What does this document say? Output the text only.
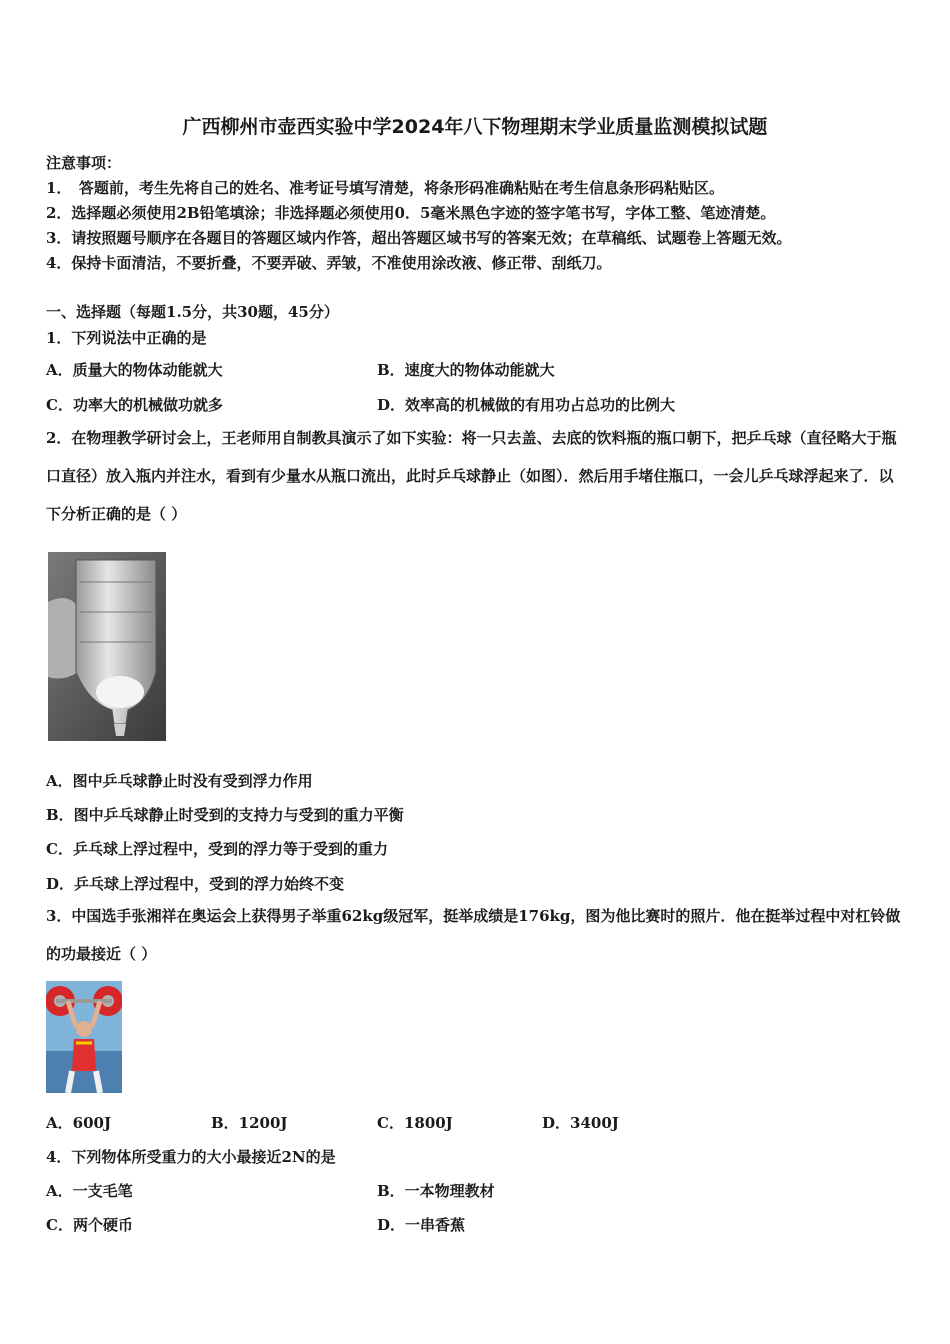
广西柳州市壶西实验中学2024年八下物理期末学业质量监测模拟试题
注意事项：
1．　答题前，考生先将自己的姓名、准考证号填写清楚，将条形码准确粘贴在考生信息条形码粘贴区。
2．选择题必须使用2B铅笔填涂；非选择题必须使用0．5毫米黑色字迹的签字笔书写，字体工整、笔迹清楚。
3．请按照题号顺序在各题目的答题区域内作答，超出答题区域书写的答案无效；在草稿纸、试题卷上答题无效。
4．保持卡面清洁，不要折叠，不要弄破、弄皱，不准使用涂改液、修正带、刮纸刀。
一、选择题（每题1.5分，共30题，45分）
1．下列说法中正确的是
A．质量大的物体动能就大	B．速度大的物体动能就大
C．功率大的机械做功就多	D．效率高的机械做的有用功占总功的比例大
2．在物理教学研讨会上，王老师用自制教具演示了如下实验：将一只去盖、去底的饮料瓶的瓶口朝下，把乒乓球（直径略大于瓶口直径）放入瓶内并注水，看到有少量水从瓶口流出，此时乒乓球静止（如图）．然后用手堵住瓶口，一会儿乒乓球浮起来了．以下分析正确的是（ ）
A．图中乒乓球静止时没有受到浮力作用
B．图中乒乓球静止时受到的支持力与受到的重力平衡
C．乒乓球上浮过程中，受到的浮力等于受到的重力
D．乒乓球上浮过程中，受到的浮力始终不变
3．中国选手张湘祥在奥运会上获得男子举重62kg级冠军，挺举成绩是176kg，图为他比赛时的照片．他在挺举过程中对杠铃做的功最接近（ ）
A．600J	B．1200J	C．1800J	D．3400J
4．下列物体所受重力的大小最接近2N的是
A．一支毛笔	B．一本物理教材
C．两个硬币	D．一串香蕉
